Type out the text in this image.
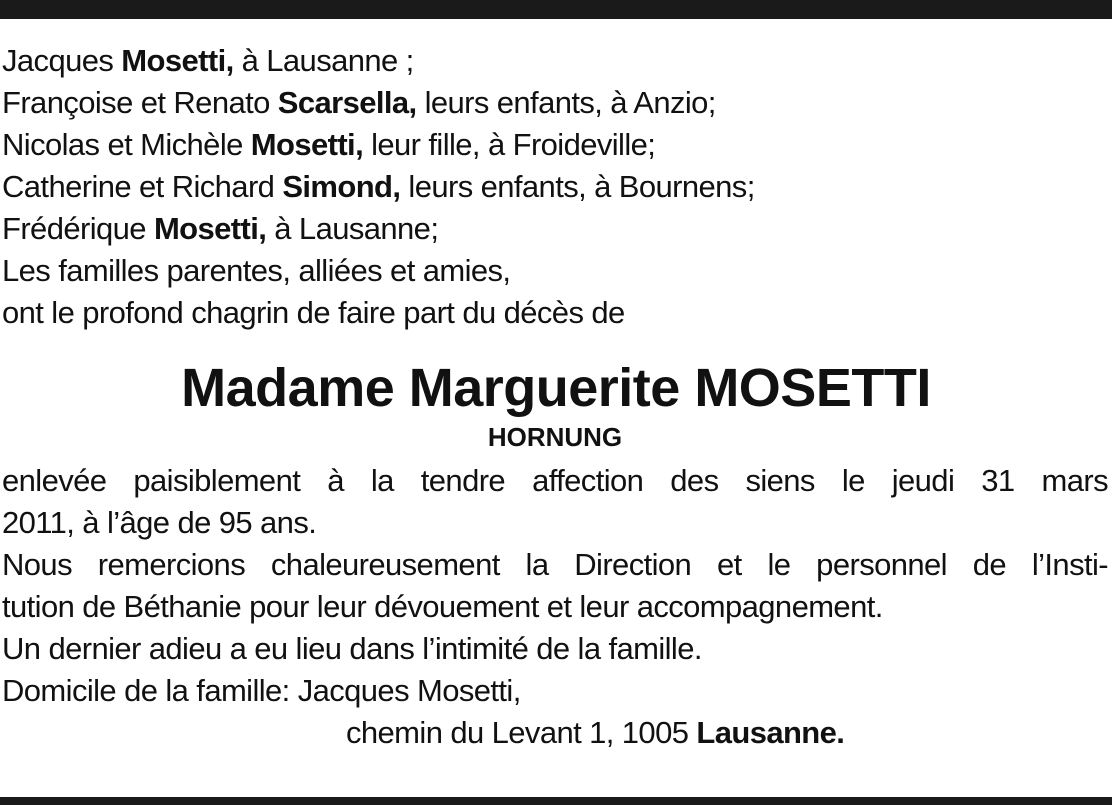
Jacques Mosetti, à Lausanne ;
Françoise et Renato Scarsella, leurs enfants, à Anzio;
Nicolas et Michèle Mosetti, leur fille, à Froideville;
Catherine et Richard Simond, leurs enfants, à Bournens;
Frédérique Mosetti, à Lausanne;
Les familles parentes, alliées et amies,
ont le profond chagrin de faire part du décès de
Madame Marguerite MOSETTI
HORNUNG
enlevée paisiblement à la tendre affection des siens le jeudi 31 mars
2011, à l’âge de 95 ans.
Nous remercions chaleureusement la Direction et le personnel de l’Insti-
tution de Béthanie pour leur dévouement et leur accompagnement.
Un dernier adieu a eu lieu dans l’intimité de la famille.
Domicile de la famille: Jacques Mosetti,
chemin du Levant 1, 1005 Lausanne.
